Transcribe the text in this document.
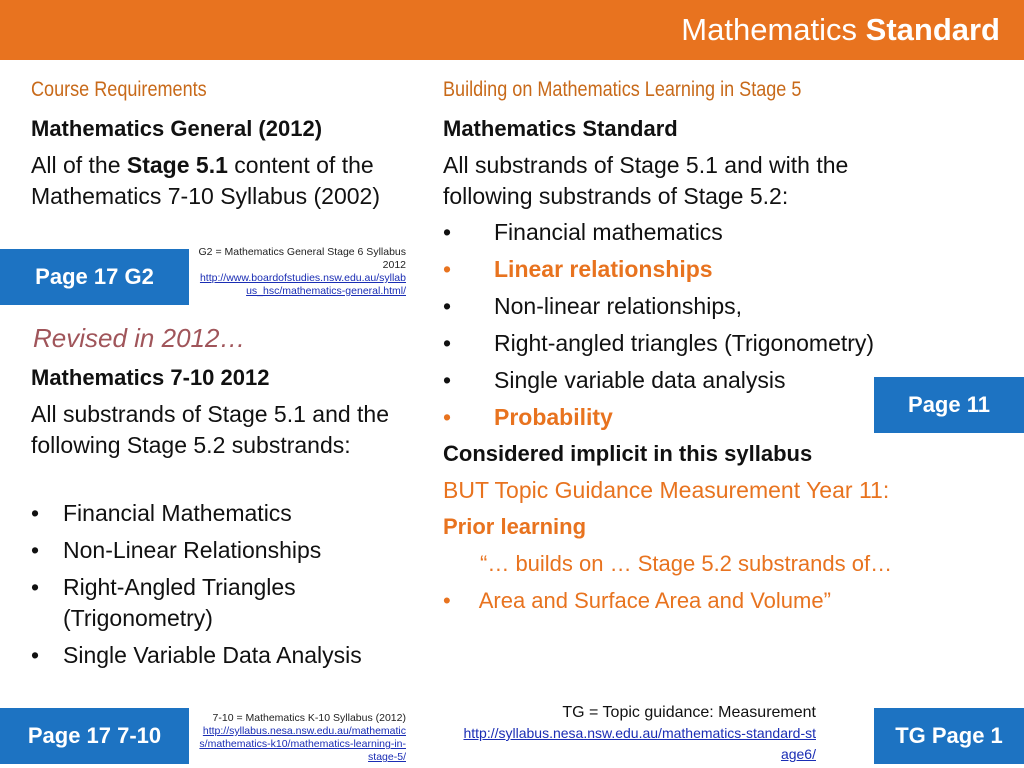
Mathematics Standard
Course Requirements
Mathematics General (2012)
All of the Stage 5.1 content of the Mathematics 7-10 Syllabus (2002)
Page 17 G2
G2 = Mathematics General Stage 6 Syllabus 2012
http://www.boardofstudies.nsw.edu.au/syllabus_hsc/mathematics-general.html/
Revised in 2012…
Mathematics 7-10 2012
All substrands of Stage 5.1 and the following Stage 5.2 substrands:
• Financial Mathematics
• Non-Linear Relationships
• Right-Angled Triangles (Trigonometry)
• Single Variable Data Analysis
Page 17 7-10
7-10 = Mathematics K-10 Syllabus (2012)
http://syllabus.nesa.nsw.edu.au/mathematics/mathematics-k10/mathematics-learning-in-stage-5/
Building on Mathematics Learning in Stage 5
Mathematics Standard
All substrands of Stage 5.1 and with the following substrands of Stage 5.2:
• Financial mathematics
• Linear relationships
• Non-linear relationships,
• Right-angled triangles (Trigonometry)
• Single variable data analysis
• Probability	Page 11
Considered implicit in this syllabus
BUT Topic Guidance Measurement Year 11:
Prior learning
“… builds on … Stage 5.2 substrands of…
• Area and Surface Area and Volume”
TG = Topic guidance: Measurement
http://syllabus.nesa.nsw.edu.au/mathematics-standard-stage6/
TG Page 1
